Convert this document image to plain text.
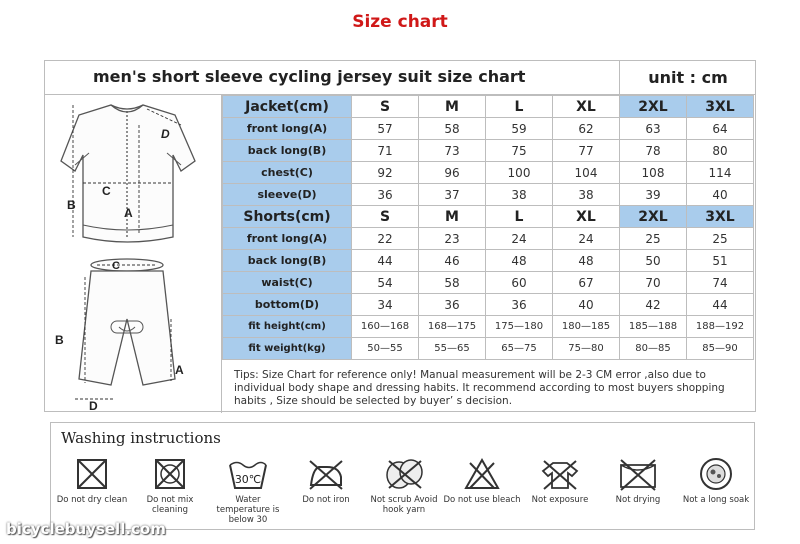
Size chart
men's short sleeve cycling jersey suit size chart	unit : cm
D
C
B
A
C
B
A
D
Jacket(cm)	S	M	L	XL	2XL	3XL
front long(A)	57	58	59	62	63	64
back long(B)	71	73	75	77	78	80
chest(C)	92	96	100	104	108	114
sleeve(D)	36	37	38	38	39	40
Shorts(cm)	S	M	L	XL	2XL	3XL
front long(A)	22	23	24	24	25	25
back long(B)	44	46	48	48	50	51
waist(C)	54	58	60	67	70	74
bottom(D)	34	36	36	40	42	44
fit height(cm)	160—168	168—175	175—180	180—185	185—188	188—192
fit weight(kg)	50—55	55—65	65—75	75—80	80—85	85—90
Tips: Size Chart for reference only! Manual measurement will be 2-3 CM error ,also due to individual body shape and dressing habits. It recommend according to most buyers shopping habits , Size should be selected by buyer’ s decision.
Washing instructions
Do not dry clean	Do not mix cleaning
30℃
Water temperature is below 30
Do not iron	Not scrub Avoid hook yarn
Do not use bleach	Not exposure	Not drying	Not a long soak
bicyclebuysell.com
